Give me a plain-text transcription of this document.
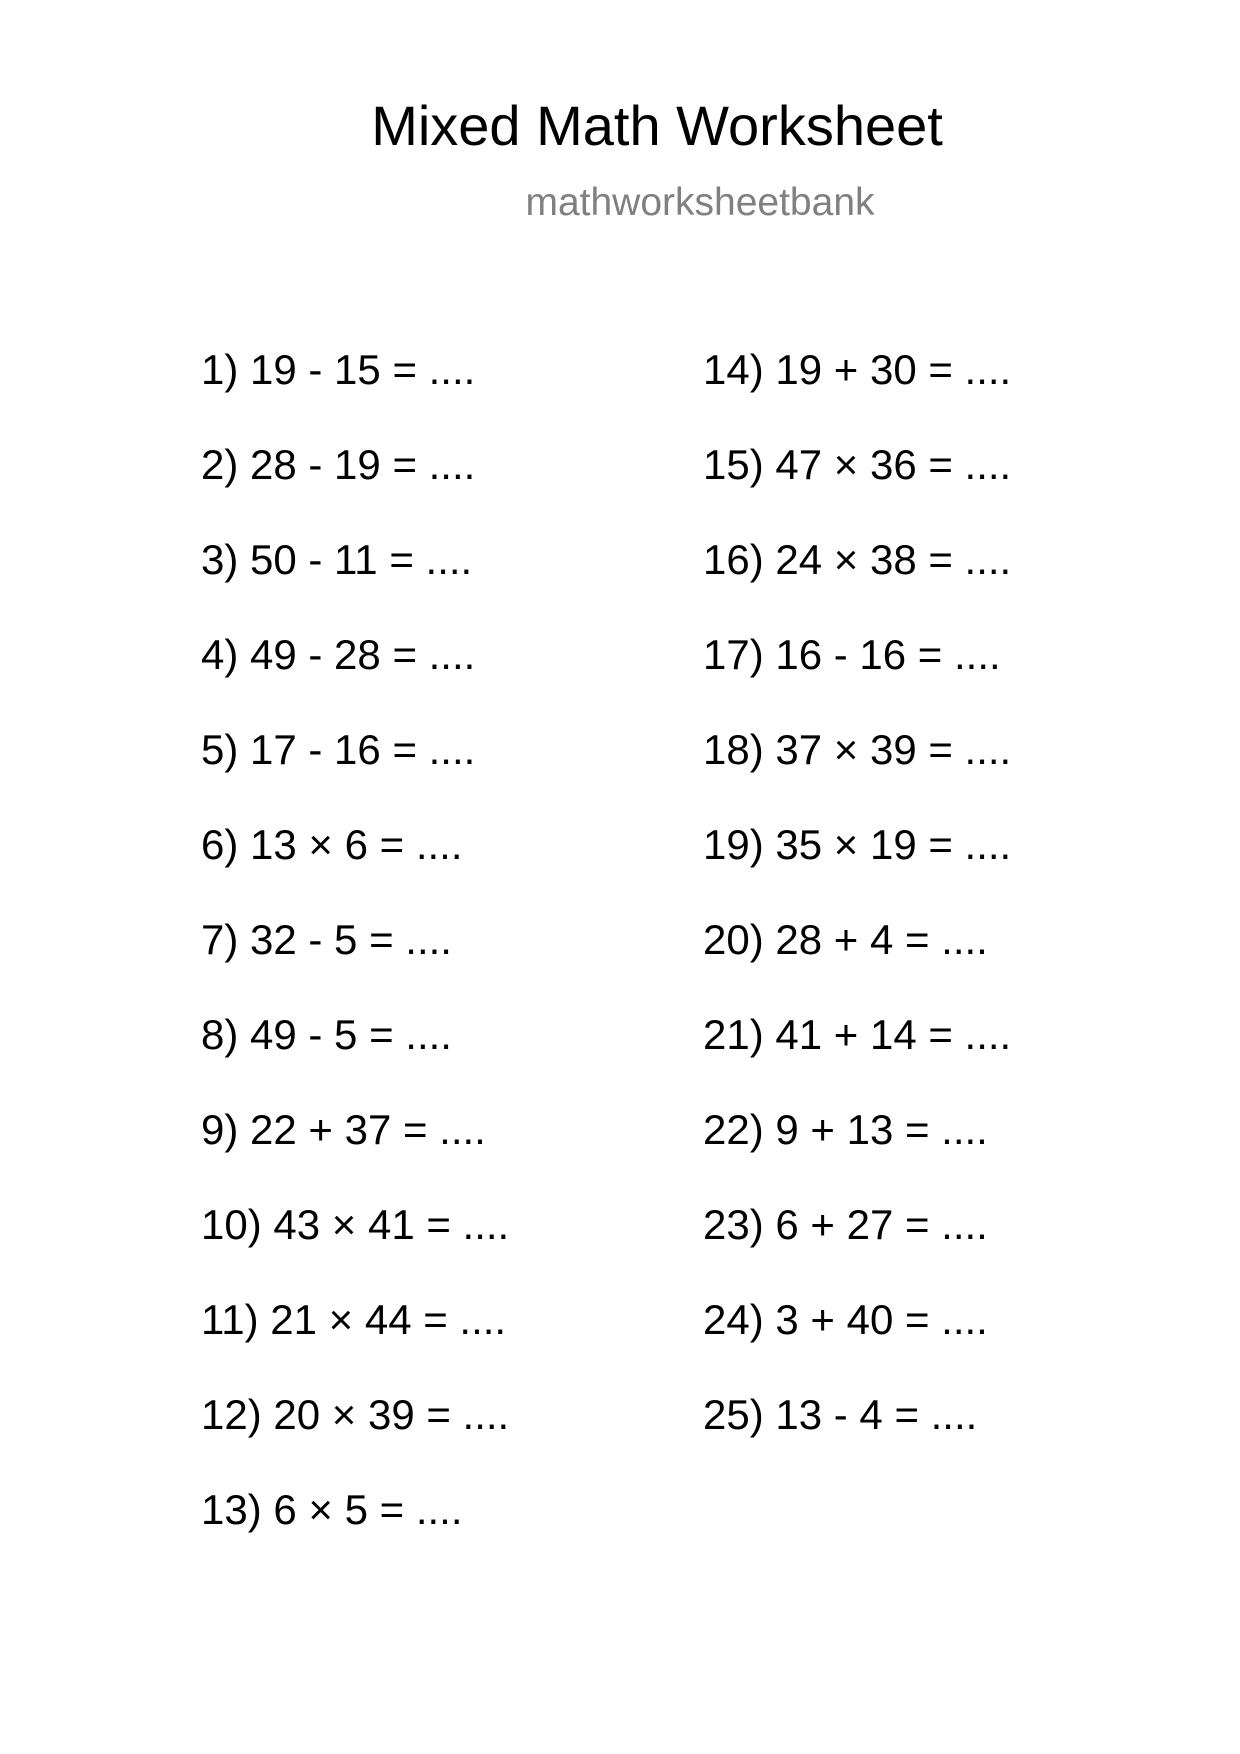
Mixed Math Worksheet
mathworksheetbank
1) 19 - 15 = ....
2) 28 - 19 = ....
3) 50 - 11 = ....
4) 49 - 28 = ....
5) 17 - 16 = ....
6) 13 × 6 = ....
7) 32 - 5 = ....
8) 49 - 5 = ....
9) 22 + 37 = ....
10) 43 × 41 = ....
11) 21 × 44 = ....
12) 20 × 39 = ....
13) 6 × 5 = ....
14) 19 + 30 = ....
15) 47 × 36 = ....
16) 24 × 38 = ....
17) 16 - 16 = ....
18) 37 × 39 = ....
19) 35 × 19 = ....
20) 28 + 4 = ....
21) 41 + 14 = ....
22) 9 + 13 = ....
23) 6 + 27 = ....
24) 3 + 40 = ....
25) 13 - 4 = ....
